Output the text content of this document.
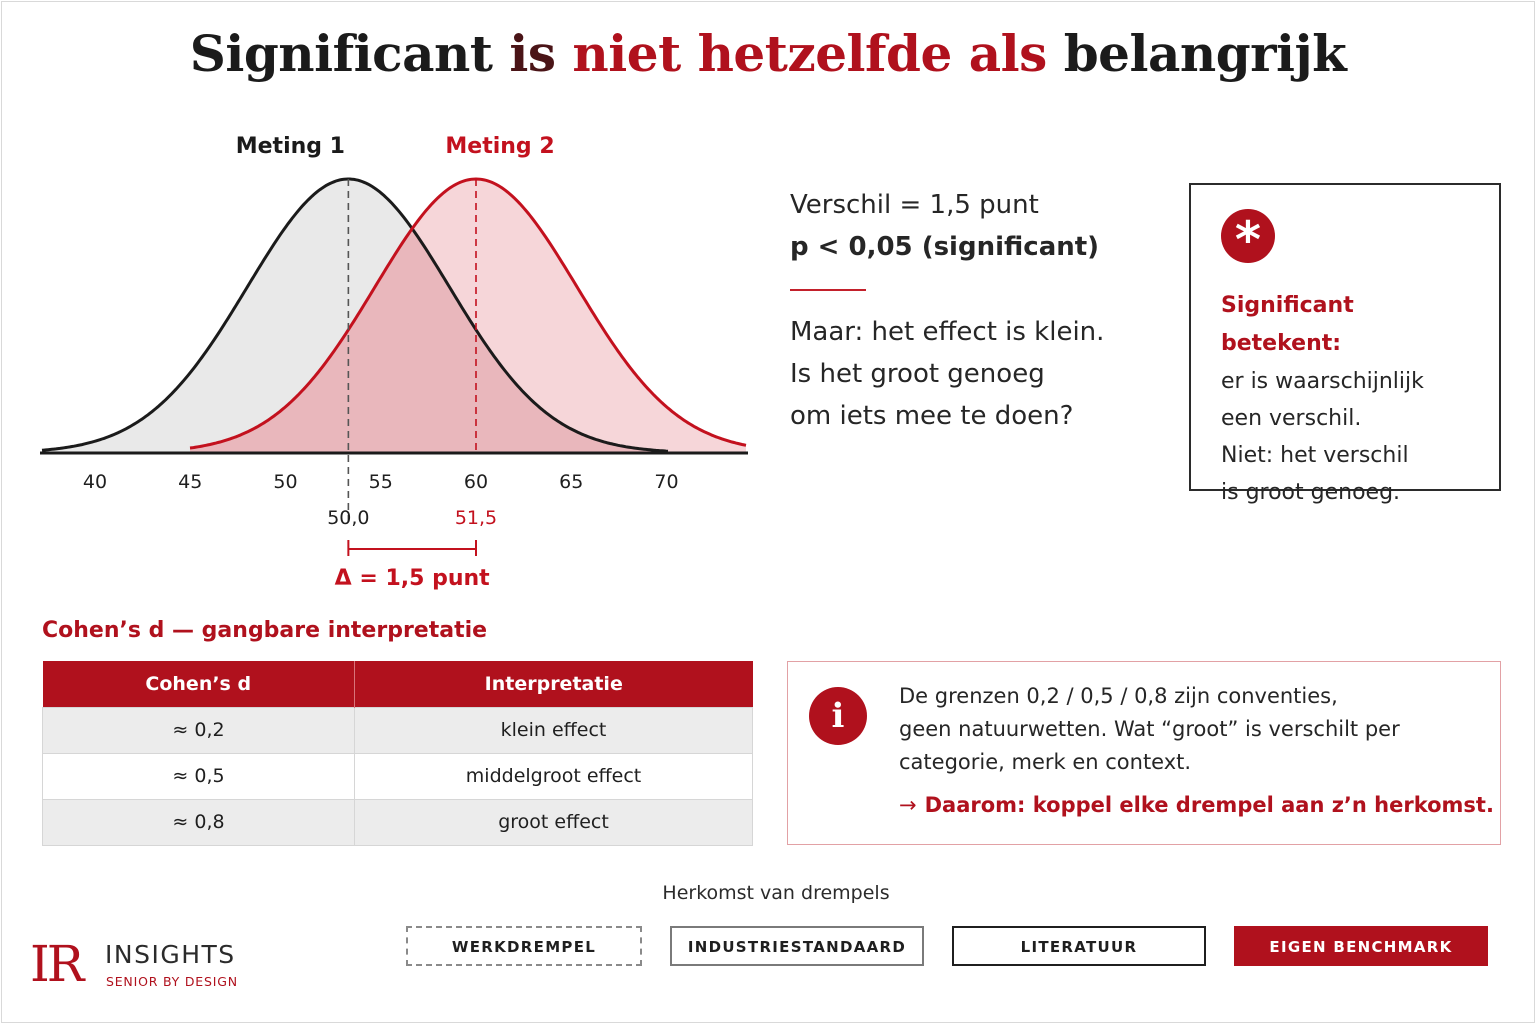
Significant is niet hetzelfde als belangrijk
40	45	50	55	60	65	70
Meting 1	Meting 2
50,0	51,5
Δ = 1,5 punt
Verschil = 1,5 punt
p < 0,05 (significant)
Maar: het effect is klein.
Is het groot genoeg
om iets mee te doen?
*
Significant betekent:
er is waarschijnlijk
een verschil.
Niet: het verschil
is groot genoeg.
Cohen’s d — gangbare interpretatie
Cohen’s d	Interpretatie
≈ 0,2	klein effect
≈ 0,5	middelgroot effect
≈ 0,8	groot effect
i	De grenzen 0,2 / 0,5 / 0,8 zijn conventies,
geen natuurwetten. Wat “groot” is verschilt per
categorie, merk en context.
→ Daarom: koppel elke drempel aan z’n herkomst.
Herkomst van drempels
WERKDREMPEL	INDUSTRIESTANDAARD	LITERATUUR	EIGEN BENCHMARK
IR INSIGHTS
SENIOR BY DESIGN
